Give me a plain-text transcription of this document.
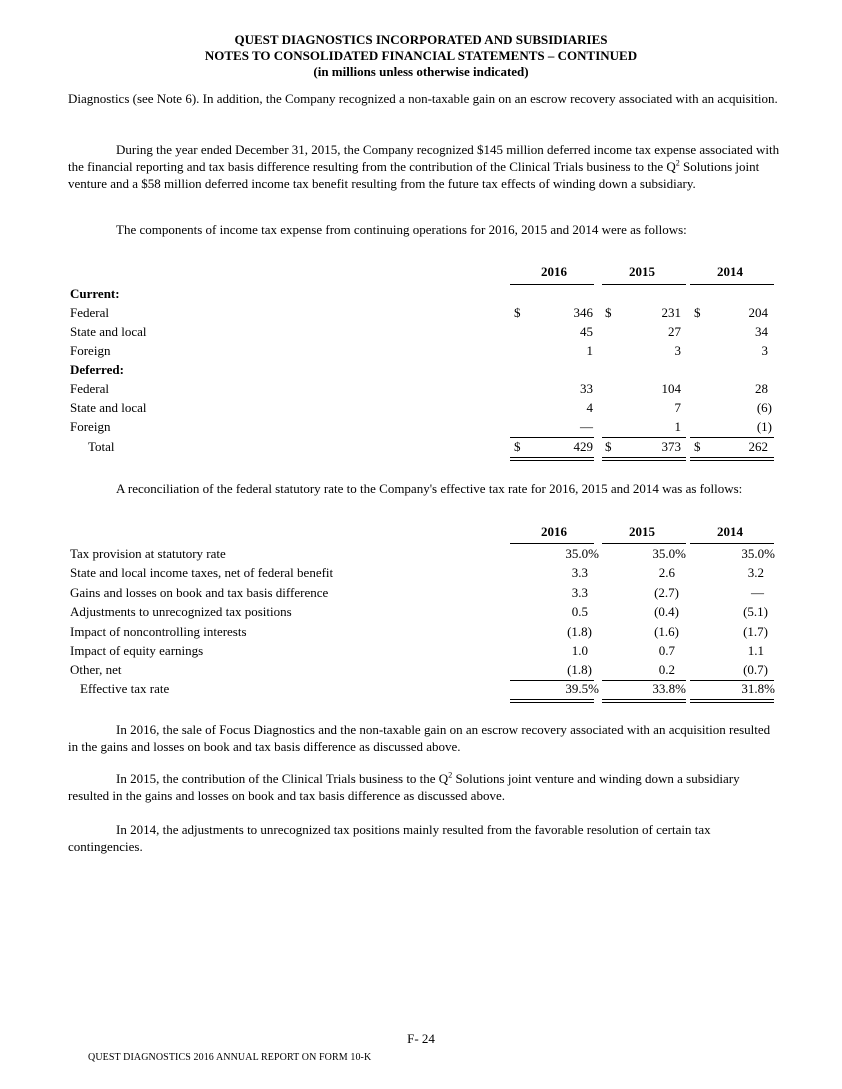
QUEST DIAGNOSTICS INCORPORATED AND SUBSIDIARIES
NOTES TO CONSOLIDATED FINANCIAL STATEMENTS – CONTINUED
(in millions unless otherwise indicated)

Diagnostics (see Note 6). In addition, the Company recognized a non-taxable gain on an escrow recovery associated with an acquisition.

During the year ended December 31, 2015, the Company recognized $145 million deferred income tax expense associated with the financial reporting and tax basis difference resulting from the contribution of the Clinical Trials business to the $Q^2$ Solutions joint venture and a $58 million deferred income tax benefit resulting from the future tax effects of winding down a subsidiary.

The components of income tax expense from continuing operations for 2016, 2015 and 2014 were as follows:

2016	2015	2014
Current:
Federal	$	346 $	231 $	204
State and local	45	27	34
Foreign	1	3	3
Deferred:
Federal	33	104	28
State and local	4	7	(6)
Foreign	—	1	(1)
Total	$	429 $	373 $	262

A reconciliation of the federal statutory rate to the Company's effective tax rate for 2016, 2015 and 2014 was as follows:

2016	2015	2014
Tax provision at statutory rate	35.0%	35.0%	35.0%
State and local income taxes, net of federal benefit	3.3	2.6	3.2
Gains and losses on book and tax basis difference	3.3	(2.7)	—
Adjustments to unrecognized tax positions	0.5	(0.4)	(5.1)
Impact of noncontrolling interests	(1.8)	(1.6)	(1.7)
Impact of equity earnings	1.0	0.7	1.1
Other, net	(1.8)	0.2	(0.7)
Effective tax rate	39.5%	33.8%	31.8%

In 2016, the sale of Focus Diagnostics and the non-taxable gain on an escrow recovery associated with an acquisition resulted in the gains and losses on book and tax basis difference as discussed above.

In 2015, the contribution of the Clinical Trials business to the $Q^2$ Solutions joint venture and winding down a subsidiary resulted in the gains and losses on book and tax basis difference as discussed above.

In 2014, the adjustments to unrecognized tax positions mainly resulted from the favorable resolution of certain tax contingencies.

F- 24
QUEST DIAGNOSTICS 2016 ANNUAL REPORT ON FORM 10-K
